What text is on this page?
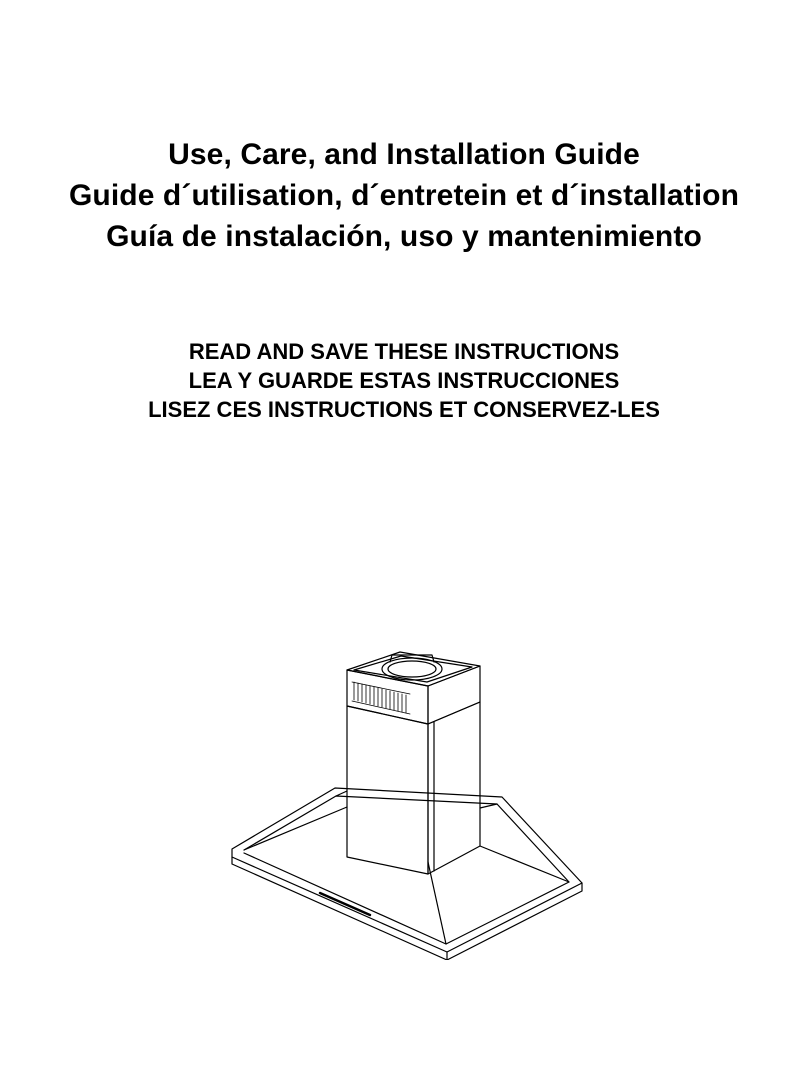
Use, Care, and Installation Guide
Guide d´utilisation, d´entretein et d´installation
Guía de instalación, uso y mantenimiento
READ AND SAVE THESE INSTRUCTIONS
LEA Y GUARDE ESTAS INSTRUCCIONES
LISEZ CES INSTRUCTIONS ET CONSERVEZ-LES
